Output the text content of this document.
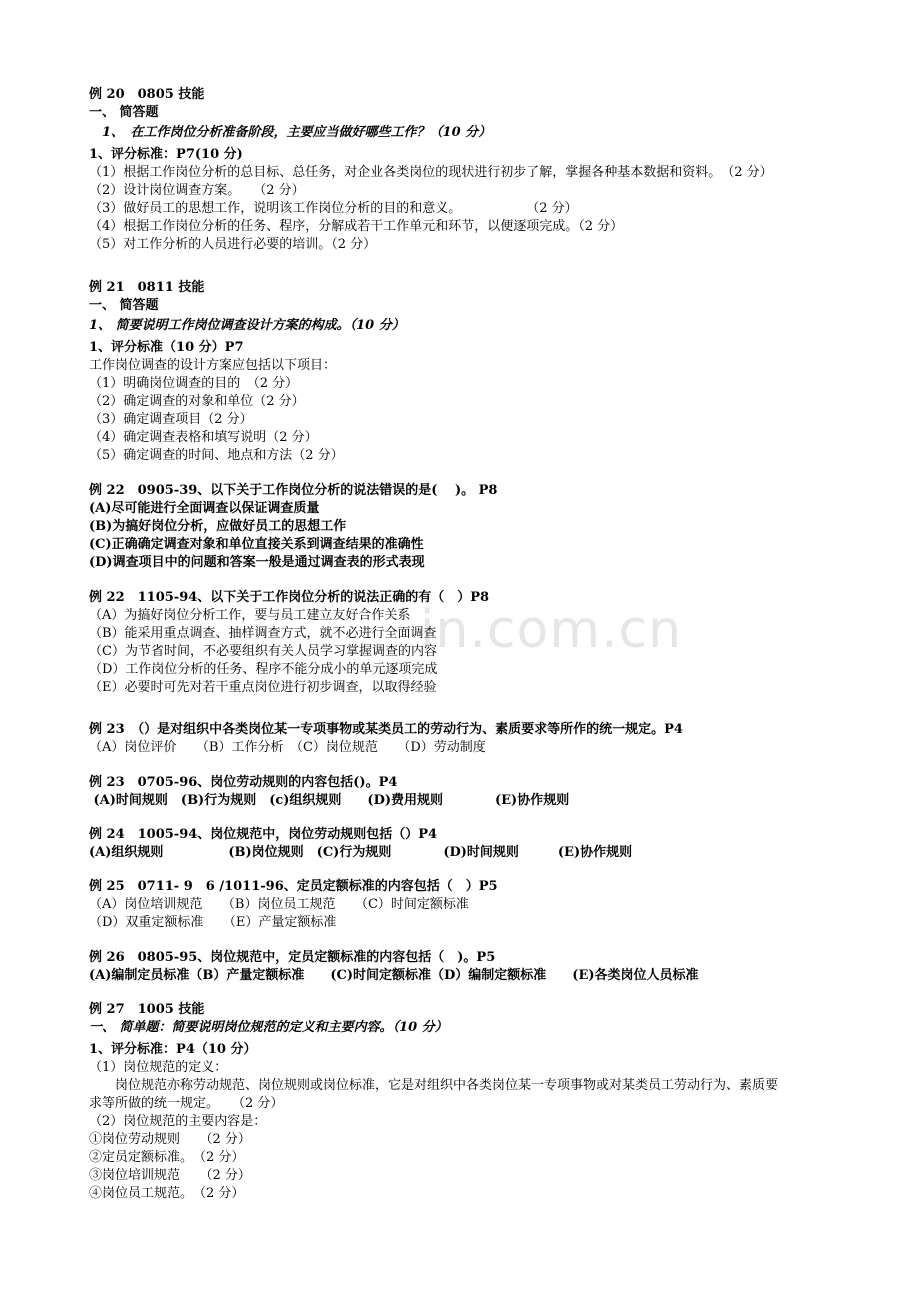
in.com.cn
例 20　0805 技能
一、 简答题
　1、　在工作岗位分析准备阶段，主要应当做好哪些工作？（10 分）
1、评分标准：P7(10 分)
（1）根据工作岗位分析的总目标、总任务，对企业各类岗位的现状进行初步了解，掌握各种基本数据和资料。　（2 分）
（2）设计岗位调查方案。　　（2 分）
（3）做好员工的思想工作，说明该工作岗位分析的目的和意义。　　　　　　（2 分）
（4）根据工作岗位分析的任务、程序，分解成若干工作单元和环节，以便逐项完成。（2 分）
（5）对工作分析的人员进行必要的培训。（2 分）
例 21　0811 技能
一、 简答题
1、 简要说明工作岗位调查设计方案的构成。（10 分）
1、评分标准（10 分）P7
工作岗位调查的设计方案应包括以下项目：
（1）明确岗位调查的目的　（2 分）
（2）确定调查的对象和单位（2 分）
（3）确定调查项目（2 分）
（4）确定调查表格和填写说明（2 分）
（5）确定调查的时间、地点和方法（2 分）
例 22　0905-39、以下关于工作岗位分析的说法错误的是(　 )。 P8
(A)尽可能进行全面调查以保证调查质量
(B)为搞好岗位分析，应做好员工的思想工作
(C)正确确定调查对象和单位直接关系到调查结果的准确性
(D)调查项目中的问题和答案一般是通过调查表的形式表现
例 22　1105-94、以下关于工作岗位分析的说法正确的有（　）P8
（A）为搞好岗位分析工作，要与员工建立友好合作关系
（B）能采用重点调查、抽样调查方式，就不必进行全面调查
（C）为节省时间，不必要组织有关人员学习掌握调查的内容
（D）工作岗位分析的任务、程序不能分成小的单元逐项完成
（E）必要时可先对若干重点岗位进行初步调查，以取得经验
例 23　（）是对组织中各类岗位某一专项事物或某类员工的劳动行为、素质要求等所作的统一规定。P4
（A）岗位评价　　（B）工作分析　（C）岗位规范　　（D）劳动制度
例 23　0705-96、岗位劳动规则的内容包括()。P4
(A)时间规则　(B)行为规则　(c)组织规则　　(D)费用规则　　　　(E)协作规则
例 24　1005-94、岗位规范中，岗位劳动规则包括（）P4
(A)组织规则　　　　　(B)岗位规则　(C)行为规则　　　　(D)时间规则　　　(E)协作规则
例 25　0711- 9　6 /1011-96、定员定额标准的内容包括（　）P5
（A）岗位培训规范　　（B）岗位员工规范　　（C）时间定额标准
（D）双重定额标准　　（E）产量定额标准
例 26　0805-95、岗位规范中，定员定额标准的内容包括（　)。P5
(A)编制定员标准（B）产量定额标准　　(C)时间定额标准（D）编制定额标准　　(E)各类岗位人员标准
例 27　1005 技能
一、 简单题：简要说明岗位规范的定义和主要内容。（10 分）
1、评分标准：P4（10 分）
（1）岗位规范的定义：
　　岗位规范亦称劳动规范、岗位规则或岗位标准，它是对组织中各类岗位某一专项事物或对某类员工劳动行为、素质要
求等所做的统一规定。　　（2 分）
（2）岗位规范的主要内容是：
①岗位劳动规则　　（2 分）
②定员定额标准。　（2 分）
③岗位培训规范　　（2 分）
④岗位员工规范。　（2 分）
